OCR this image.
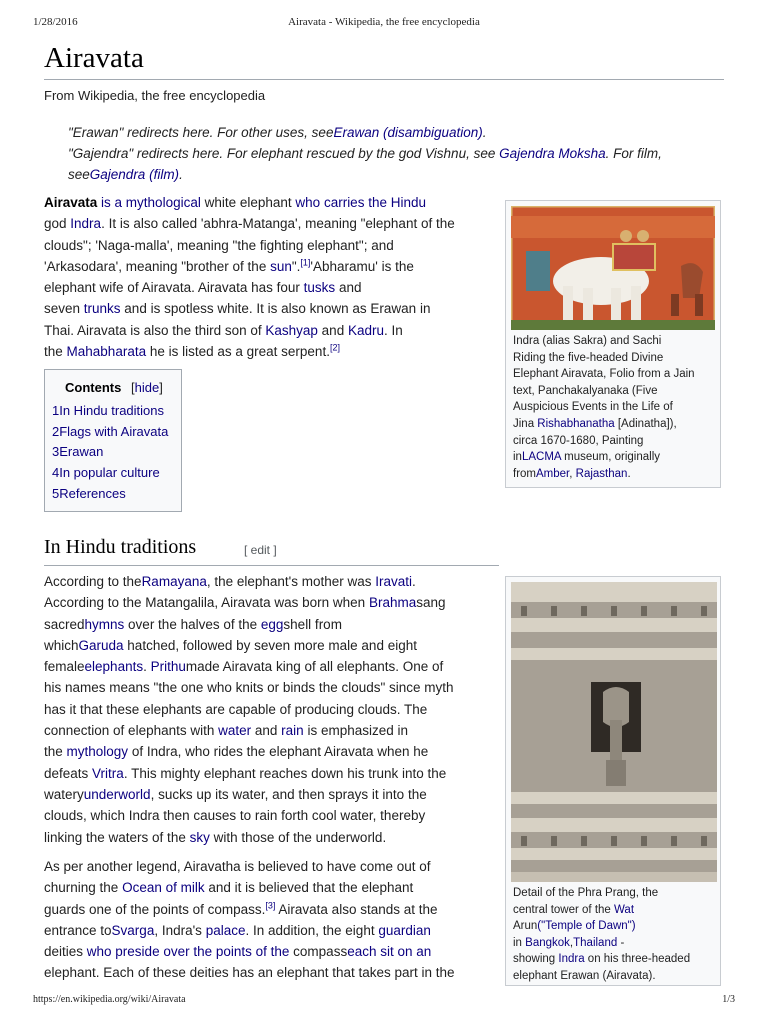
1/28/2016	Airavata - Wikipedia, the free encyclopedia
Airavata
From Wikipedia, the free encyclopedia
"Erawan" redirects here. For other uses, seeErawan (disambiguation).
"Gajendra" redirects here. For elephant rescued by the god Vishnu, see Gajendra Moksha. For film,
seeGajendra (film).
Airavata is a mythological white elephant who carries the Hindu
god Indra. It is also called 'abhra-Matanga', meaning "elephant of the
clouds"; 'Naga-malla', meaning "the fighting elephant"; and
'Arkasodara', meaning "brother of the sun".[1]'Abharamu' is the
elephant wife of Airavata. Airavata has four tusks and
seven trunks and is spotless white. It is also known as Erawan in
Thai. Airavata is also the third son of Kashyap and Kadru. In
the Mahabharata he is listed as a great serpent.[2]
Indra (alias Sakra) and Sachi
Riding the five-headed Divine
Elephant Airavata, Folio from a Jain
text, Panchakalyanaka (Five
Auspicious Events in the Life of
Jina Rishabhanatha [Adinatha]),
circa 1670-1680, Painting
inLACMA museum, originally
fromAmber, Rajasthan.
Contents [hide]
1In Hindu traditions
2Flags with Airavata
3Erawan
4In popular culture
5References
In Hindu traditions	[ edit ]
According to theRamayana, the elephant's mother was Iravati.
According to the Matangalila, Airavata was born when Brahmasang
sacredhymns over the halves of the eggshell from
whichGaruda hatched, followed by seven more male and eight
femaleelephants. Prithumade Airavata king of all elephants. One of
his names means "the one who knits or binds the clouds" since myth
has it that these elephants are capable of producing clouds. The
connection of elephants with water and rain is emphasized in
the mythology of Indra, who rides the elephant Airavata when he
defeats Vritra. This mighty elephant reaches down his trunk into the
wateryunderworld, sucks up its water, and then sprays it into the
clouds, which Indra then causes to rain forth cool water, thereby
linking the waters of the sky with those of the underworld.
As per another legend, Airavatha is believed to have come out of
churning the Ocean of milk and it is believed that the elephant
guards one of the points of compass.[3] Airavata also stands at the
entrance toSvarga, Indra's palace. In addition, the eight guardian
deities who preside over the points of the compasseach sit on an
elephant. Each of these deities has an elephant that takes part in the
Detail of the Phra Prang, the
central tower of the Wat
Arun("Temple of Dawn")
in Bangkok,Thailand -
showing Indra on his three-headed
elephant Erawan (Airavata).
https://en.wikipedia.org/wiki/Airavata	1/3
